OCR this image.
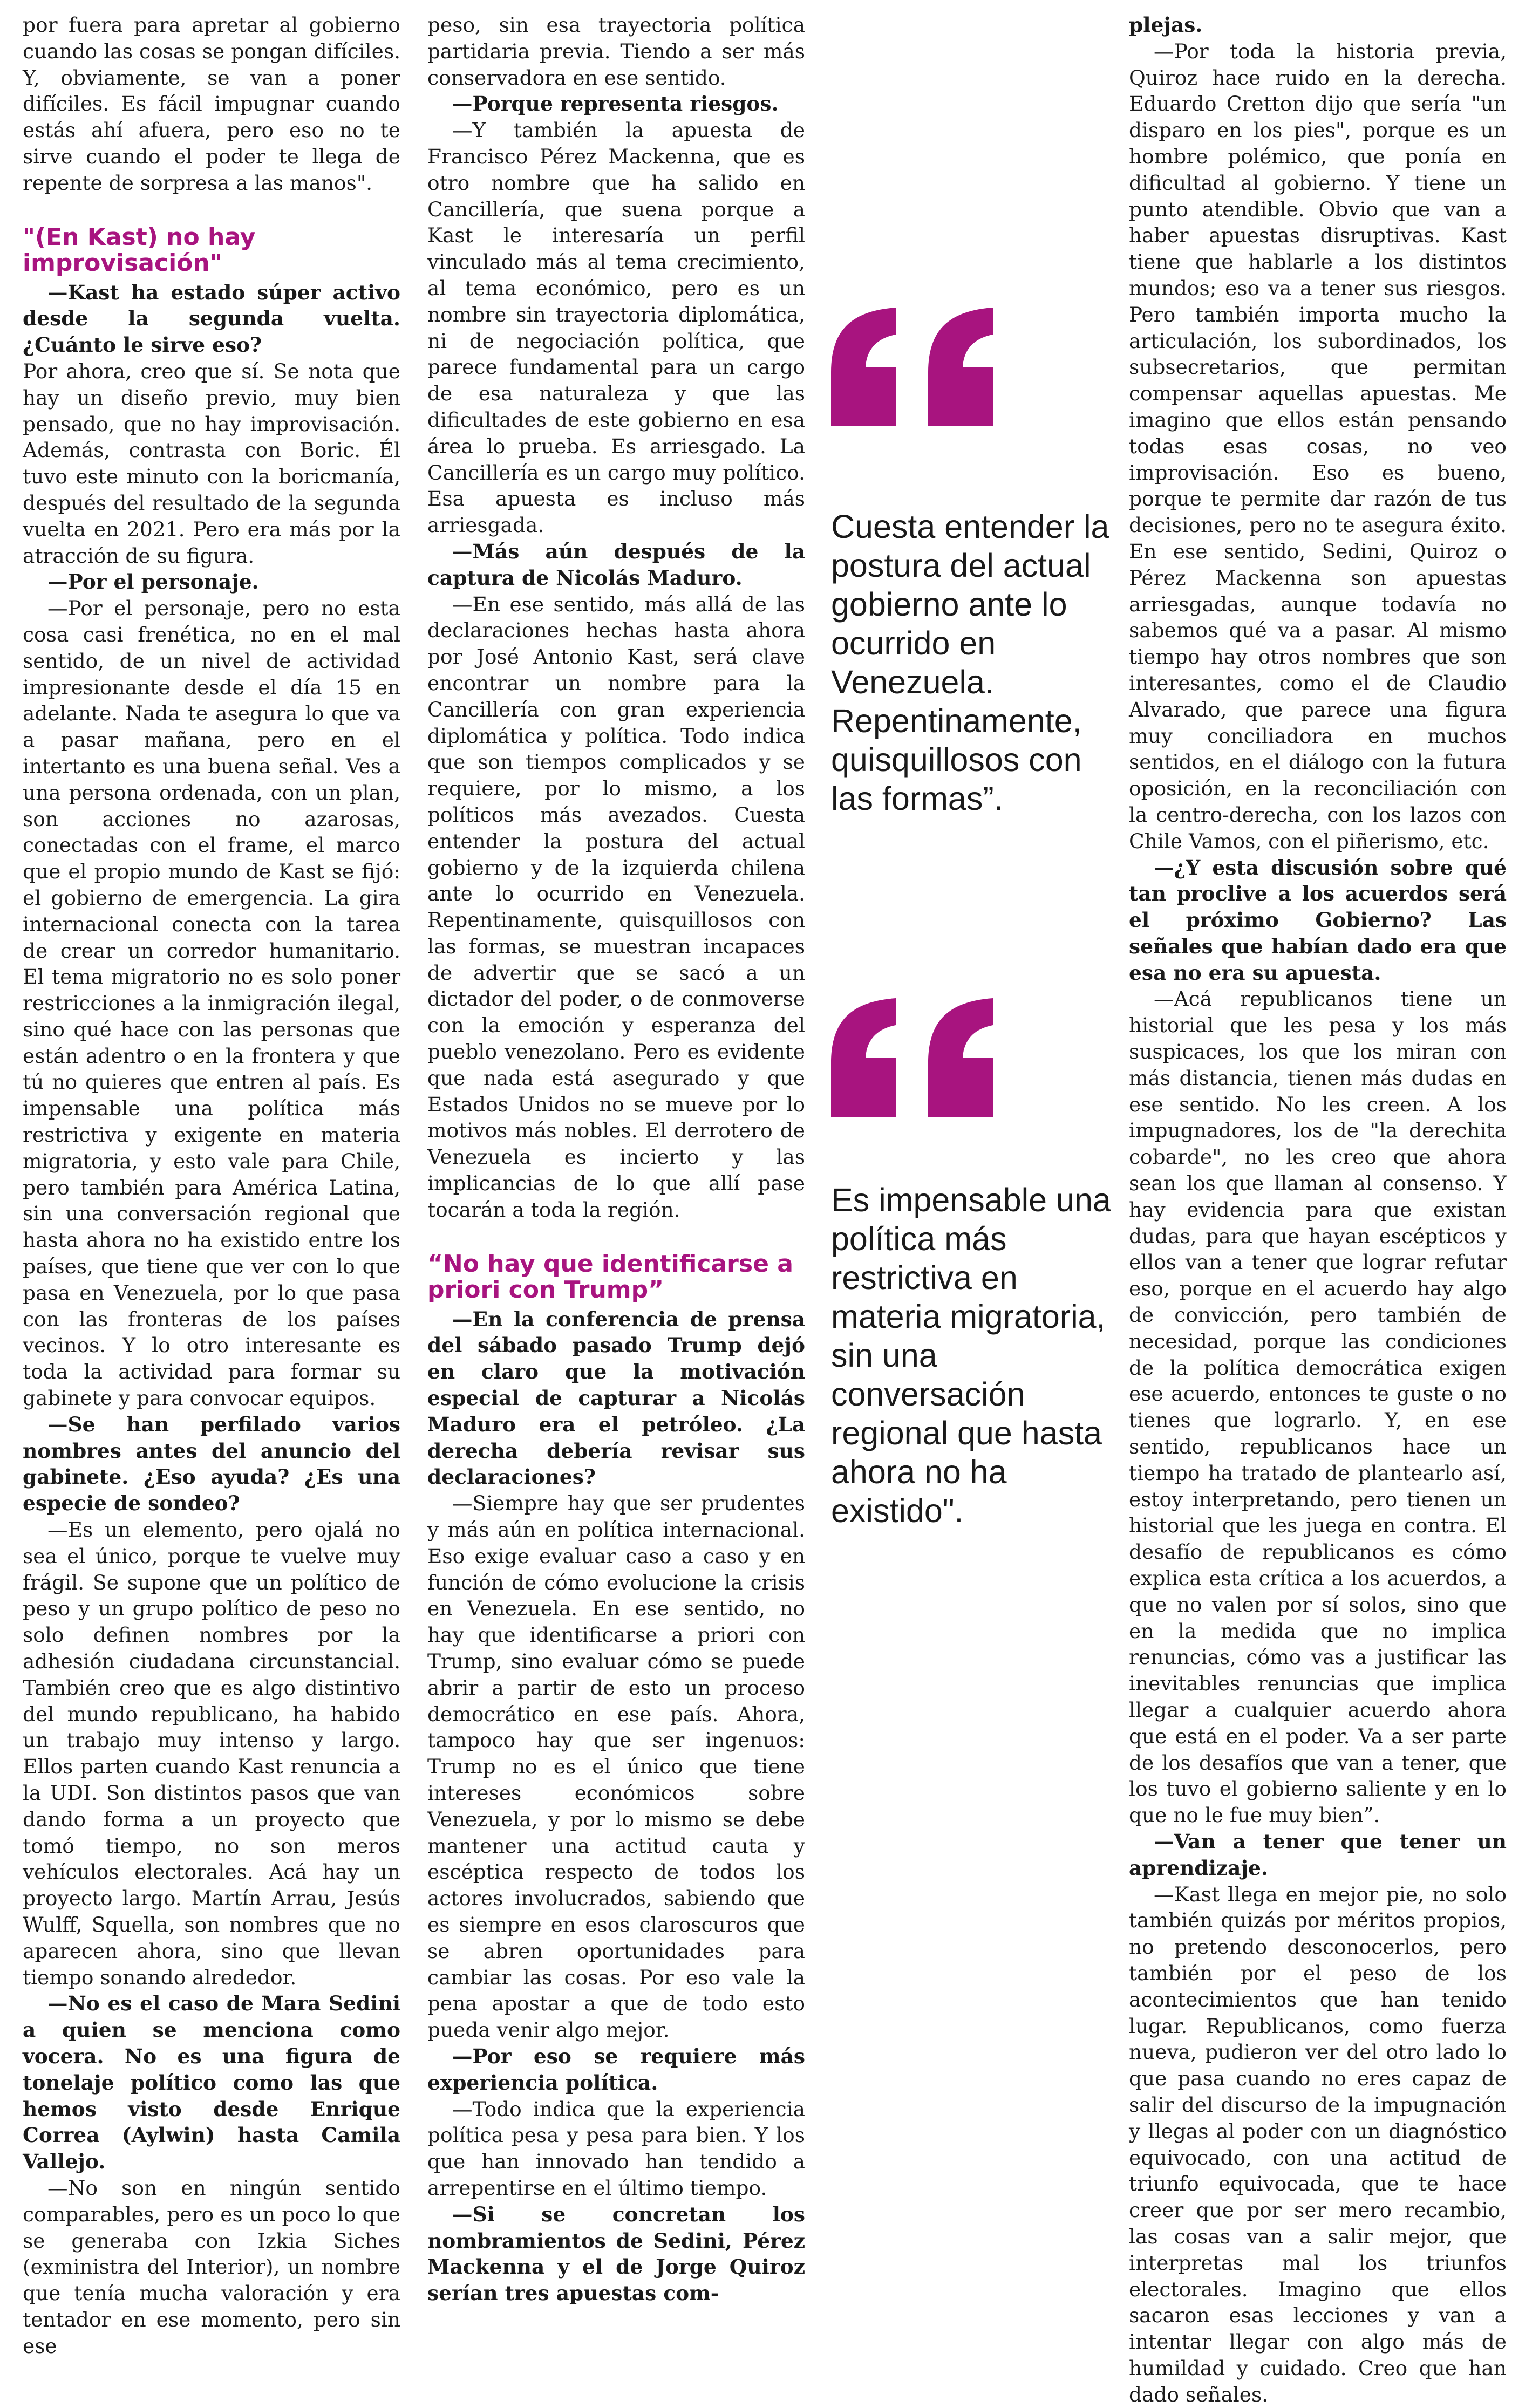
por fuera para apretar al gobierno cuando las cosas se pongan difíciles. Y, obviamente, se van a poner difíciles. Es fácil impugnar cuando estás ahí afuera, pero eso no te sirve cuando el poder te llega de repente de sorpresa a las manos".

"(En Kast) no hay improvisación"

—Kast ha estado súper activo desde la segunda vuelta. ¿Cuánto le sirve eso?

Por ahora, creo que sí. Se nota que hay un diseño previo, muy bien pensado, que no hay improvisación. Además, contrasta con Boric. Él tuvo este minuto con la boricmanía, después del resultado de la segunda vuelta en 2021. Pero era más por la atracción de su figura.

—Por el personaje.

—Por el personaje, pero no esta cosa casi frenética, no en el mal sentido, de un nivel de actividad impresionante desde el día 15 en adelante. Nada te asegura lo que va a pasar mañana, pero en el intertanto es una buena señal. Ves a una persona ordenada, con un plan, son acciones no azarosas, conectadas con el frame, el marco que el propio mundo de Kast se fijó: el gobierno de emergencia. La gira internacional conecta con la tarea de crear un corredor humanitario. El tema migratorio no es solo poner restricciones a la inmigración ilegal, sino qué hace con las personas que están adentro o en la frontera y que tú no quieres que entren al país. Es impensable una política más restrictiva y exigente en materia migratoria, y esto vale para Chile, pero también para América Latina, sin una conversación regional que hasta ahora no ha existido entre los países, que tiene que ver con lo que pasa en Venezuela, por lo que pasa con las fronteras de los países vecinos. Y lo otro interesante es toda la actividad para formar su gabinete y para convocar equipos.

—Se han perfilado varios nombres antes del anuncio del gabinete. ¿Eso ayuda? ¿Es una especie de sondeo?

—Es un elemento, pero ojalá no sea el único, porque te vuelve muy frágil. Se supone que un político de peso y un grupo político de peso no solo definen nombres por la adhesión ciudadana circunstancial. También creo que es algo distintivo del mundo republicano, ha habido un trabajo muy intenso y largo. Ellos parten cuando Kast renuncia a la UDI. Son distintos pasos que van dando forma a un proyecto que tomó tiempo, no son meros vehículos electorales. Acá hay un proyecto largo. Martín Arrau, Jesús Wulff, Squella, son nombres que no aparecen ahora, sino que llevan tiempo sonando alrededor.

—No es el caso de Mara Sedini a quien se menciona como vocera. No es una figura de tonelaje político como las que hemos visto desde Enrique Correa (Aylwin) hasta Camila Vallejo.

—No son en ningún sentido comparables, pero es un poco lo que se generaba con Izkia Siches (exministra del Interior), un nombre que tenía mucha valoración y era tentador en ese momento, pero sin ese

peso, sin esa trayectoria política partidaria previa. Tiendo a ser más conservadora en ese sentido.

—Porque representa riesgos.

—Y también la apuesta de Francisco Pérez Mackenna, que es otro nombre que ha salido en Cancillería, que suena porque a Kast le interesaría un perfil vinculado más al tema crecimiento, al tema económico, pero es un nombre sin trayectoria diplomática, ni de negociación política, que parece fundamental para un cargo de esa naturaleza y que las dificultades de este gobierno en esa área lo prueba. Es arriesgado. La Cancillería es un cargo muy político. Esa apuesta es incluso más arriesgada.

—Más aún después de la captura de Nicolás Maduro.

—En ese sentido, más allá de las declaraciones hechas hasta ahora por José Antonio Kast, será clave encontrar un nombre para la Cancillería con gran experiencia diplomática y política. Todo indica que son tiempos complicados y se requiere, por lo mismo, a los políticos más avezados. Cuesta entender la postura del actual gobierno y de la izquierda chilena ante lo ocurrido en Venezuela. Repentinamente, quisquillosos con las formas, se muestran incapaces de advertir que se sacó a un dictador del poder, o de conmoverse con la emoción y esperanza del pueblo venezolano. Pero es evidente que nada está asegurado y que Estados Unidos no se mueve por lo motivos más nobles. El derrotero de Venezuela es incierto y las implicancias de lo que allí pase tocarán a toda la región.

“No hay que identificarse a priori con Trump”

—En la conferencia de prensa del sábado pasado Trump dejó en claro que la motivación especial de capturar a Nicolás Maduro era el petróleo. ¿La derecha debería revisar sus declaraciones?

—Siempre hay que ser prudentes y más aún en política internacional. Eso exige evaluar caso a caso y en función de cómo evolucione la crisis en Venezuela. En ese sentido, no hay que identificarse a priori con Trump, sino evaluar cómo se puede abrir a partir de esto un proceso democrático en ese país. Ahora, tampoco hay que ser ingenuos: Trump no es el único que tiene intereses económicos sobre Venezuela, y por lo mismo se debe mantener una actitud cauta y escéptica respecto de todos los actores involucrados, sabiendo que es siempre en esos claroscuros que se abren oportunidades para cambiar las cosas. Por eso vale la pena apostar a que de todo esto pueda venir algo mejor.

—Por eso se requiere más experiencia política.

—Todo indica que la experiencia política pesa y pesa para bien. Y los que han innovado han tendido a arrepentirse en el último tiempo.

—Si se concretan los nombramientos de Sedini, Pérez Mackenna y el de Jorge Quiroz serían tres apuestas com-

Cuesta entender la postura del actual gobierno ante lo ocurrido en Venezuela. Repentinamente, quisquillosos con las formas”.
Es impensable una política más restrictiva en materia migratoria, sin una conversación regional que hasta ahora no ha existido".

plejas.

—Por toda la historia previa, Quiroz hace ruido en la derecha. Eduardo Cretton dijo que sería "un disparo en los pies", porque es un hombre polémico, que ponía en dificultad al gobierno. Y tiene un punto atendible. Obvio que van a haber apuestas disruptivas. Kast tiene que hablarle a los distintos mundos; eso va a tener sus riesgos. Pero también importa mucho la articulación, los subordinados, los subsecretarios, que permitan compensar aquellas apuestas. Me imagino que ellos están pensando todas esas cosas, no veo improvisación. Eso es bueno, porque te permite dar razón de tus decisiones, pero no te asegura éxito. En ese sentido, Sedini, Quiroz o Pérez Mackenna son apuestas arriesgadas, aunque todavía no sabemos qué va a pasar. Al mismo tiempo hay otros nombres que son interesantes, como el de Claudio Alvarado, que parece una figura muy conciliadora en muchos sentidos, en el diálogo con la futura oposición, en la reconciliación con la centro-derecha, con los lazos con Chile Vamos, con el piñerismo, etc.

—¿Y esta discusión sobre qué tan proclive a los acuerdos será el próximo Gobierno? Las señales que habían dado era que esa no era su apuesta.

—Acá republicanos tiene un historial que les pesa y los más suspicaces, los que los miran con más distancia, tienen más dudas en ese sentido. No les creen. A los impugnadores, los de "la derechita cobarde", no les creo que ahora sean los que llaman al consenso. Y hay evidencia para que existan dudas, para que hayan escépticos y ellos van a tener que lograr refutar eso, porque en el acuerdo hay algo de convicción, pero también de necesidad, porque las condiciones de la política democrática exigen ese acuerdo, entonces te guste o no tienes que lograrlo. Y, en ese sentido, republicanos hace un tiempo ha tratado de plantearlo así, estoy interpretando, pero tienen un historial que les juega en contra. El desafío de republicanos es cómo explica esta crítica a los acuerdos, a que no valen por sí solos, sino que en la medida que no implica renuncias, cómo vas a justificar las inevitables renuncias que implica llegar a cualquier acuerdo ahora que está en el poder. Va a ser parte de los desafíos que van a tener, que los tuvo el gobierno saliente y en lo que no le fue muy bien”.

—Van a tener que tener un aprendizaje.

—Kast llega en mejor pie, no solo también quizás por méritos propios, no pretendo desconocerlos, pero también por el peso de los acontecimientos que han tenido lugar. Republicanos, como fuerza nueva, pudieron ver del otro lado lo que pasa cuando no eres capaz de salir del discurso de la impugnación y llegas al poder con un diagnóstico equivocado, con una actitud de triunfo equivocada, que te hace creer que por ser mero recambio, las cosas van a salir mejor, que interpretas mal los triunfos electorales. Imagino que ellos sacaron esas lecciones y van a intentar llegar con algo más de humildad y cuidado. Creo que han dado señales.
